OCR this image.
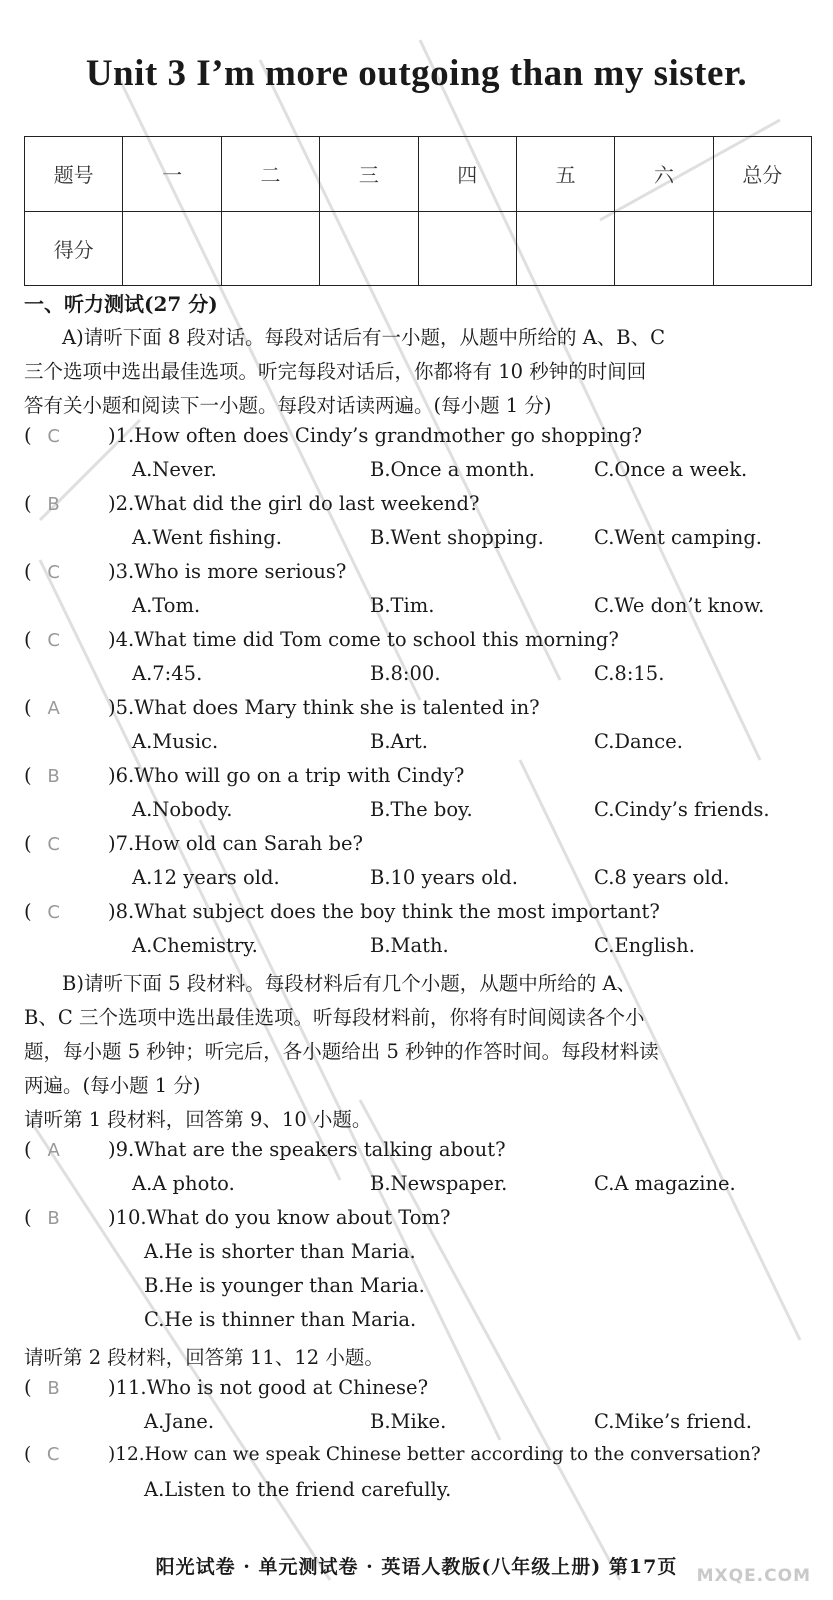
Unit 3 I’m more outgoing than my sister.
题号	一	二	三	四	五	六	总分
得分							
一、听力测试(27 分)
A)请听下面 8 段对话。每段对话后有一小题，从题中所给的 A、B、C
三个选项中选出最佳选项。听完每段对话后，你都将有 10 秒钟的时间回
答有关小题和阅读下一小题。每段对话读两遍。(每小题 1 分)
( C )1.How often does Cindy’s grandmother go shopping?
A.Never.	B.Once a month.	C.Once a week.
( B )2.What did the girl do last weekend?
A.Went fishing.	B.Went shopping.	C.Went camping.
( C )3.Who is more serious?
A.Tom.	B.Tim.	C.We don’t know.
( C )4.What time did Tom come to school this morning?
A.7:45.	B.8:00.	C.8:15.
( A )5.What does Mary think she is talented in?
A.Music.	B.Art.	C.Dance.
( B )6.Who will go on a trip with Cindy?
A.Nobody.	B.The boy.	C.Cindy’s friends.
( C )7.How old can Sarah be?
A.12 years old.	B.10 years old.	C.8 years old.
( C )8.What subject does the boy think the most important?
A.Chemistry.	B.Math.	C.English.
B)请听下面 5 段材料。每段材料后有几个小题，从题中所给的 A、
B、C 三个选项中选出最佳选项。听每段材料前，你将有时间阅读各个小
题，每小题 5 秒钟；听完后，各小题给出 5 秒钟的作答时间。每段材料读
两遍。(每小题 1 分)
请听第 1 段材料，回答第 9、10 小题。
( A )9.What are the speakers talking about?
A.A photo.	B.Newspaper.	C.A magazine.
( B )10.What do you know about Tom?
A.He is shorter than Maria.
B.He is younger than Maria.
C.He is thinner than Maria.
请听第 2 段材料，回答第 11、12 小题。
( B )11.Who is not good at Chinese?
A.Jane.	B.Mike.	C.Mike’s friend.
( C	)12.How can we speak Chinese better according to the conversation?
A.Listen to the friend carefully.
阳光试卷 · 单元测试卷 · 英语人教版(八年级上册) 第17页	MXQE.COM
